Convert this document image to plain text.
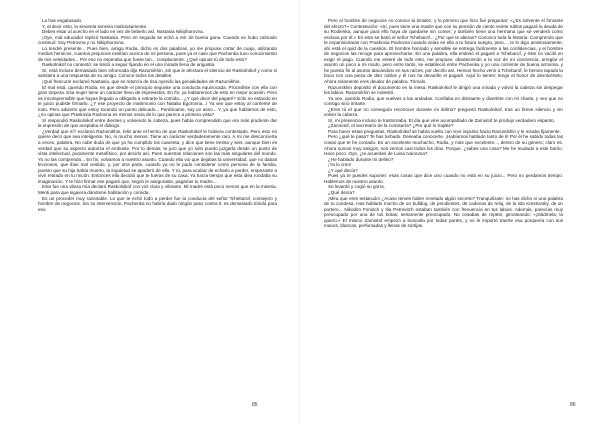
La has engatusado.

Y, al decir esto, la sirvienta sonreía maliciosamente.

Debes estar al acecho en el lado en vez de beberlo así, Nastasia Nikiphorovna.

¡Oye, mal educado! replicó Nastasia. Pero en seguida se echó a reír de buena gana. Cuando se hubo calmado continuó: Soy Petrovna y no Nikiphorovna.

Lo tendré presente... Pues bien, amiga Rodia, dicho en dos palabras, yo me propuse cortar de cuajo, utilizando medios heroicos, cuantos prejuicios existían acerca de mi persona, pues ya el caso que Pachenka tuvo conocimiento de mis veleidades... Por eso no esperaba que fuese tan... complaciente. ¿Qué opinas tú de todo esto?

Raskolnikof no contestó: se limitó a seguir fijando en el una mirada llena de angustia.

Sí, está incluso demasiado bien informada dijo Razumikhin, sin que le afectara el silencio de Raskolnikof y como si asintiera a una respuesta de su amigo. Conoce todos los detalles.

¡Qué frescura! exclamó Nastasia, que se retorcía de risa oyendo las genialidades de Razumikhin.

El mal está, querido Rodia, en que desde el principio seguiste una conducta equivocada. Procediste con ella con gran torpeza. Esa mujer tiene un carácter lleno de imprevistos. En fin, ya hablaremos de esto en mejor ocasión. Pero es incomprensible que hayas llegado a obligarla a retirarte la comida... ¿Y qué decir del pagaré? Sólo no estando en te juicio pudiste firmarlo. ¿Y ese proyecto de matrimonio con Natalia Egorovna...! Ya veo que estoy al corriente de todo. Pero advierto que estoy tocando un punto delicado... Perdóname, soy un asno... Y, ya que hablamos de esto, ¿no opinas que Praskovia Pavlovna es menos necia de lo que parece a primera vista?

Sí respondió Raskolnikof entre dientes y volviendo la cabeza, pues había comprendido que era más prudente dar la impresión de que aceptaba el diálogo.

¿Verdad que sí? exclamó Razumikhin, feliz ante el hecho de que Raskolnikof le hubiera contestado. Pero esto no quiere decir que sea inteligente. No, ni mucho menos. Tiene un carácter verdaderamente raro. A mí me desconcierta a veces, palabra. No cabe duda de que ya ha cumplido los cuarenta, y dice que tiene treinta y seis, aunque bien es verdad que su aspecto autoriza el embuste. Por lo demás, te juro que yo sólo puedo juzgarla desde un punto de vista intelectual, puramente metafísico, por decirlo así. Pues nuestras relaciones son las más singulares del mundo. Yo no las comprendo... En fin, volvamos a nuestro asunto. Cuando ella vio que dejabas la universidad, que no dabas lecciones, que ibas mal vestido, y, por otra parte, cuando ya no le pudo considerar como persona de la familia, puesto que su hija había muerto, la inquietud se apoderó de ella. Y tú, para acabar de echarlo a perder, empezaste a vivir retirado en tu rincón. Entonces ella decidió que te fueras de su casa. Ya hacía tiempo que esta idea rondaba su imaginación. Y te hizo firmar ese pagaré que, según le aseguraste, pagarías tu madre...

Esto fue una vileza mía declaró Raskolnikof con voz clara y vibrante. Mi madre está poco menos que en la miseria. Menti para que siguiera dándome habitación y comida.

Es un proceder muy razonable. Lo que te echó todo a perder fue la conducta del señor Tchebarof, consejero y hombre de negocios. Sin su intervención, Pachenka no habría dado ningún paso contra ti: es demasiado tímida para eso.

85

Pero el hombre de negocios no conoce la timidez, y lo primero que hizo fue preguntar: «¿Es solvente el firmante del efecto?» Contestación: «Sí, pues tiene una madre que con su pensión de ciento veinte rublos pagará la deuda de su Rodienka, aunque para ello haya de quedarse sin comer; y también tiene una hermana que se venderá como esclava por él.» En esto se basó el señor Tchebarof... ¿Por qué te alteras? Conozco toda la historia. Comprendo que te expansionaras con Praskovia Pavlovna cuando veías en ella a tu futura suegra, pero..., te lo digo amistosamente, ahí está el quid de la cuestión. El hombre honrado y sensible se entrega fácilmente a las confidencias, y el hombre de negocios las recoge para aprovecharse. En una palabra, ella endosó el pagaré a Tchebarof, y éste no vaciló en exigir el pago. Cuando me enteré de todo esto, me propuse, obedeciendo a la voz de mi conciencia, arreglar el asunto un poco a mi modo, pero entre tanto, se estableció entre Pachenka y yo una corriente de buena armonía, y he puesto fin al asunto atacándolo en sus raíces, por decirlo así. Hemos hecho venir a Tchebarof, le hemos tapado la boca con una pieza de diez rublos y él nos ha devuelto el pagaré. Aquí lo tienes: tengo el honor de devolvértelo. Ahora solamente eres deudor de palabra. Tómalo.

Razumikhin depositó el documento en la mesa. Raskolnikof le dirigió una mirada y volvió la cabeza sin despegar los labios. Razumikhin se molestó.

Ya veo, querido Rodia, que vuelves a las andadas. Confiaba en distraerte y divertirte con mi charla, y veo que no consigo sino irritarte.

¿Eres tú el que no conseguía reconocer durante mi delirio? preguntó Raskolnikof, tras un breve silencio y sin volver la cabeza.

Sí, mi presencia incluso te trastornaba. El día que vine acompañado de Zamiotof te produjo verdadero espanto.

¿Zamiotof, el secretario de la comisaría? ¿Por qué lo trajiste?

Para hacer estas preguntas, Raskolnikof se había vuelto con vivo impulso hacia Razumikhin y le miraba fijamente.

Pero ¿qué te pasa? Te has turbado. Deseaba conocerte. ¡Habíamos hablado tanto de ti! Por él he sabido todas las cosas que te he contado. Es un excelente muchacho, Rodia, y más que excelente..., dentro de su género; claro es. Ahora somos muy amigos; nos vemos casi todos los días. Porque, ¿sabes una cosa? Me he mudado a este barrio. Hace poco. Oye, ¿te acuerdes de Luisa Ivanovna?

¿He hablado durante mi delirio?

¡Ya lo creo!

¿Y qué decía?

Pues ya te puedes suponer: esas cosas que dice uno cuando no está en su juicio... Pero no perdamos tiempo. Hablemos de nuestro asunto.

Se levantó y cogió su gorra.

¿Qué decía?

¡Mira que eres testarudo! ¿Acaso temes haber revelado algún secreto? Tranquilízate: no has dicho ni una palabra de tu condesa. Has hablado mucho de un bulldog, de pendientes, de cadenas de reloj, de la isla Krestovsky, de un portero... Nikodim Fomitch y Ilia Petrovitch estaban también con frecuencia en tus labios. Además, parecías muy preocupado por una de tus botas; seriamente preocupado. No cesabas de repetir, gimoteando: «¡Dádmela; la quiero.» El mismo Zamiotof empezó a buscarla por todas partes, y no le importó traerte esa porquería con sus manos, blancas, perfumadas y llenas de sortijas.

86
